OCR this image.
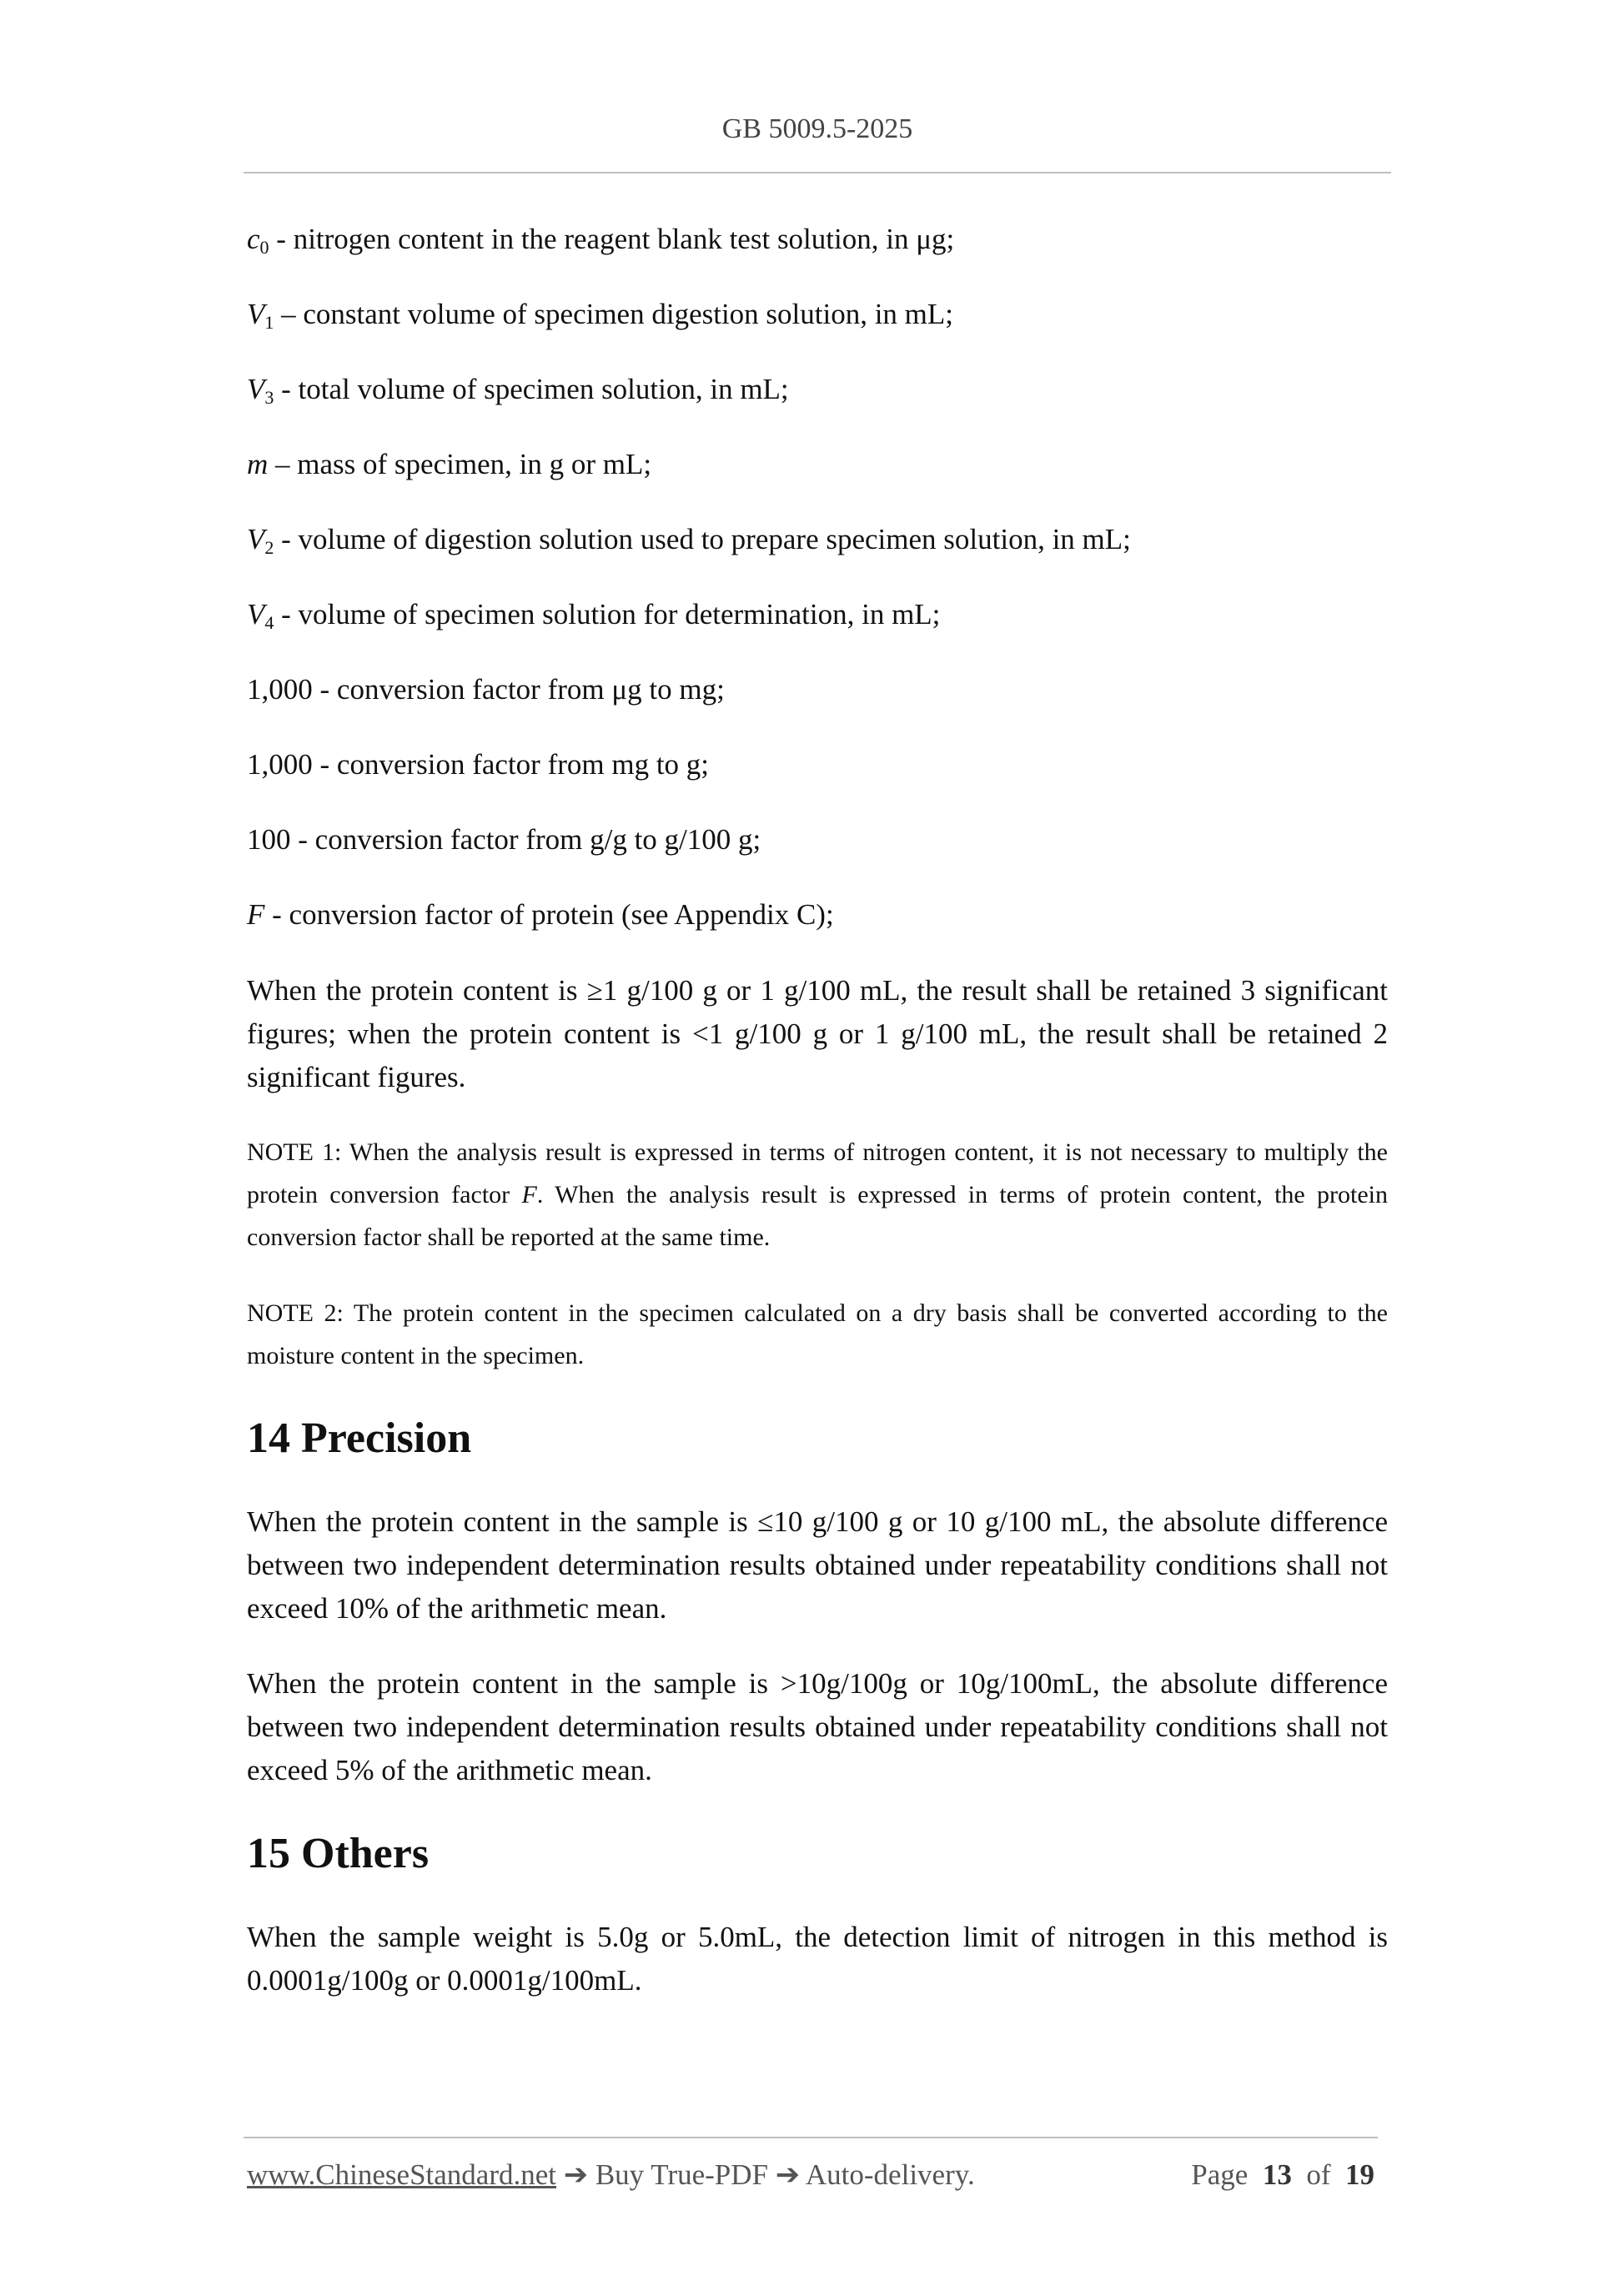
GB 5009.5-2025

$c_0$ - nitrogen content in the reagent blank test solution, in μg;

$V_1$ – constant volume of specimen digestion solution, in mL;

$V_3$ - total volume of specimen solution, in mL;

m – mass of specimen, in g or mL;

$V_2$ - volume of digestion solution used to prepare specimen solution, in mL;

$V_4$ - volume of specimen solution for determination, in mL;

1,000 - conversion factor from μg to mg;

1,000 - conversion factor from mg to g;

100 - conversion factor from g/g to g/100 g;

F - conversion factor of protein (see Appendix C);

When the protein content is ≥1 g/100 g or 1 g/100 mL, the result shall be retained 3 significant figures; when the protein content is <1 g/100 g or 1 g/100 mL, the result shall be retained 2 significant figures.

NOTE 1: When the analysis result is expressed in terms of nitrogen content, it is not necessary to multiply the protein conversion factor F. When the analysis result is expressed in terms of protein content, the protein conversion factor shall be reported at the same time.

NOTE 2: The protein content in the specimen calculated on a dry basis shall be converted according to the moisture content in the specimen.

14 Precision

When the protein content in the sample is ≤10 g/100 g or 10 g/100 mL, the absolute difference between two independent determination results obtained under repeatability conditions shall not exceed 10% of the arithmetic mean.

When the protein content in the sample is >10g/100g or 10g/100mL, the absolute difference between two independent determination results obtained under repeatability conditions shall not exceed 5% of the arithmetic mean.

15 Others

When the sample weight is 5.0g or 5.0mL, the detection limit of nitrogen in this method is 0.0001g/100g or 0.0001g/100mL.

www.ChineseStandard.net ➔ Buy True-PDF ➔ Auto-delivery.	Page 13 of 19
